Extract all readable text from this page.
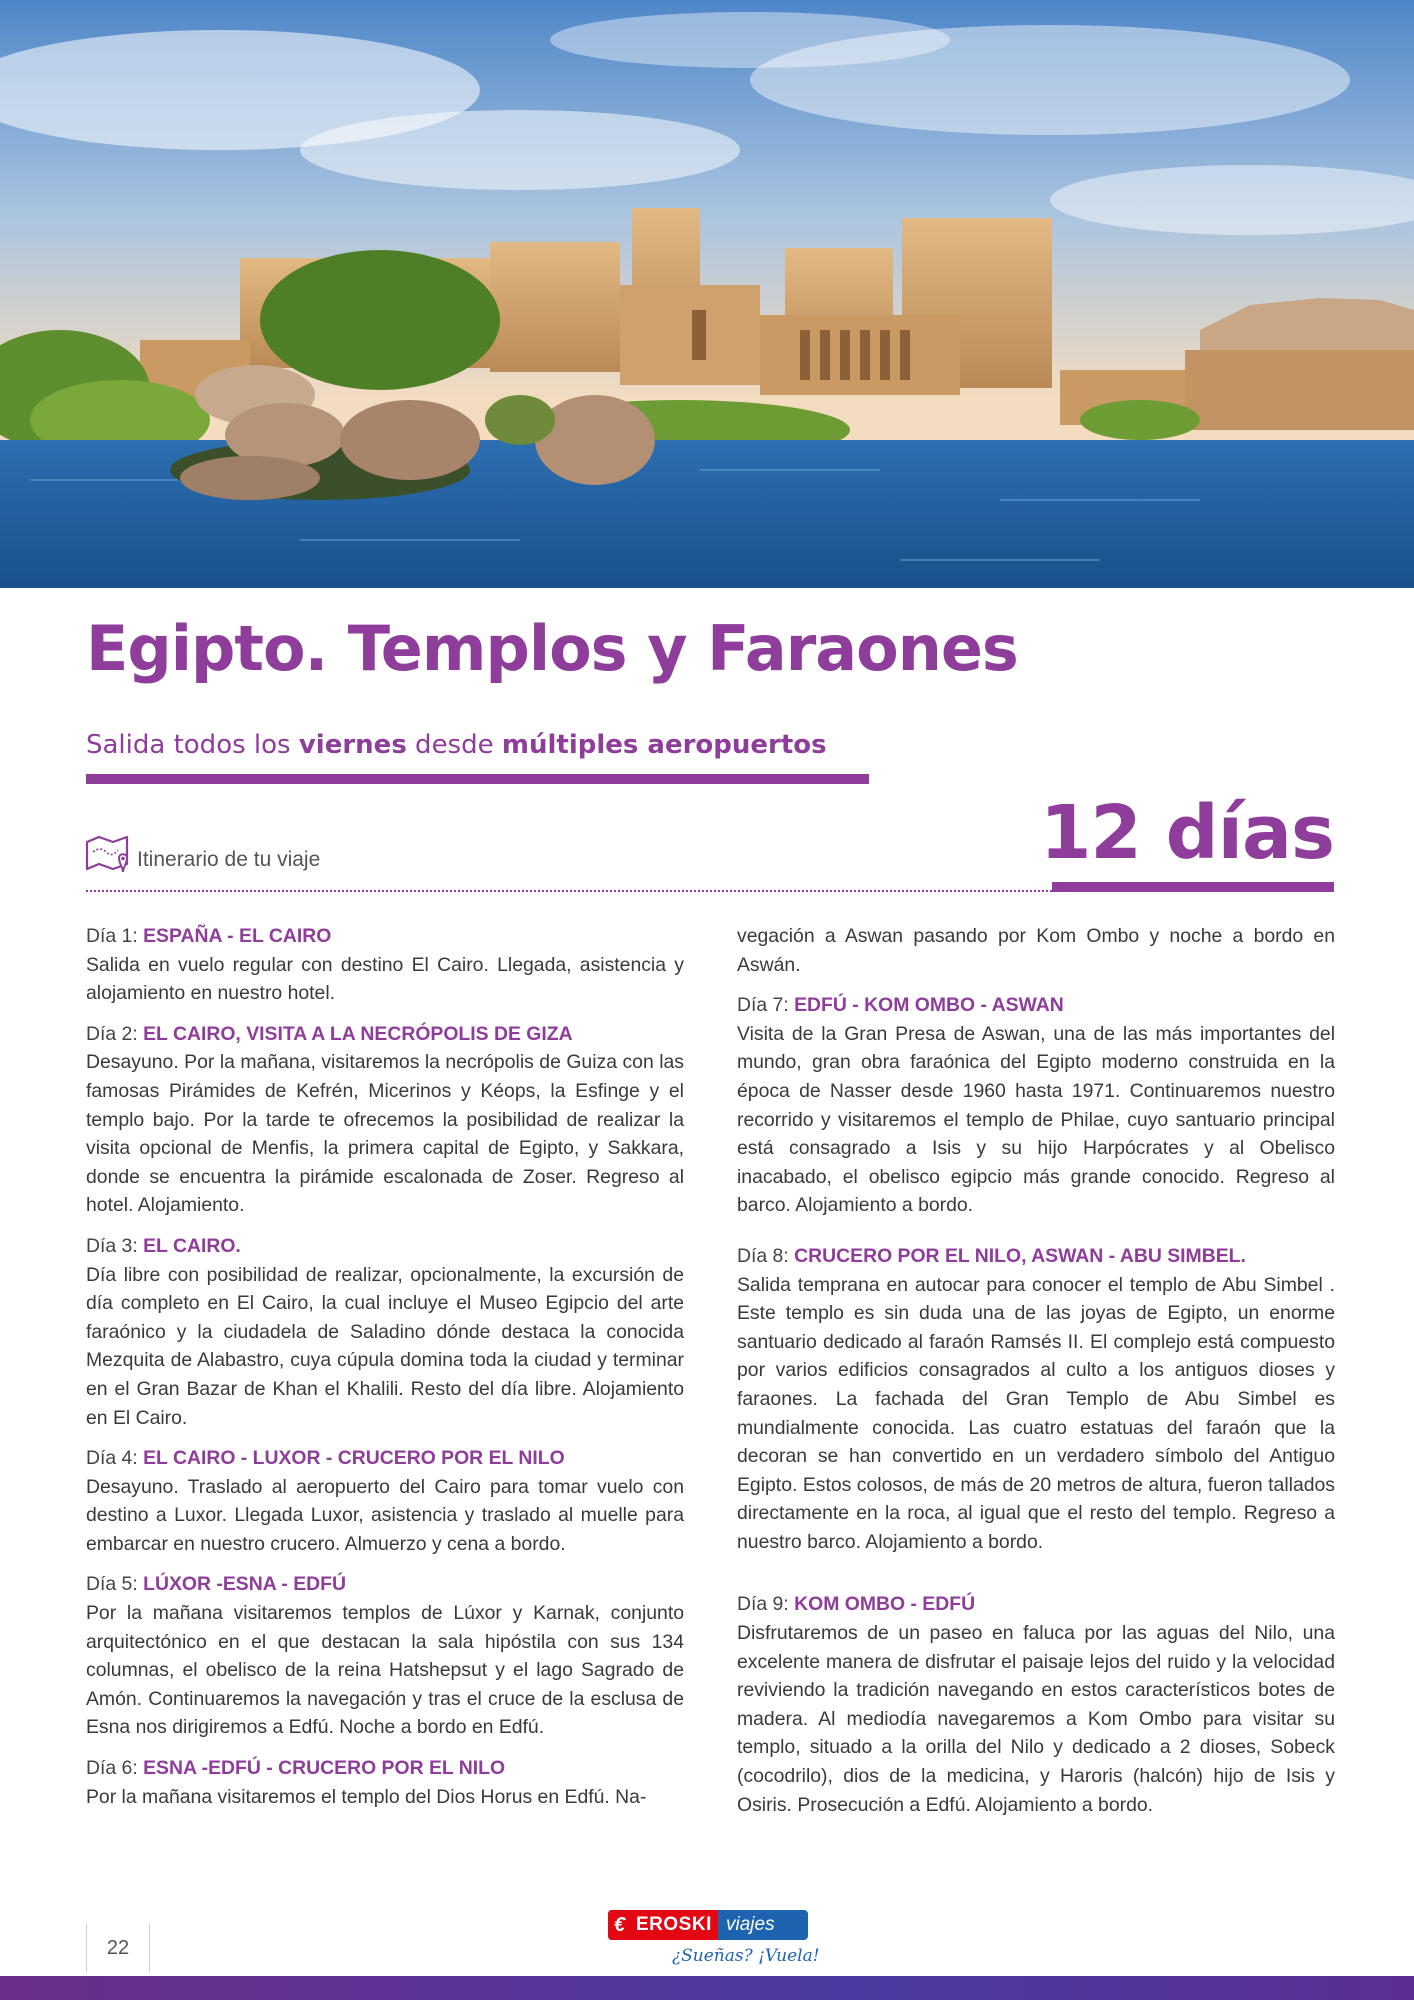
Egipto. Templos y Faraones
Salida todos los viernes desde múltiples aeropuertos
12 días
Itinerario de tu viaje
Día 1: ESPAÑA - EL CAIRO

Salida en vuelo regular con destino El Cairo. Llegada, asistencia y alojamiento en nuestro hotel.

Día 2: EL CAIRO, VISITA A LA NECRÓPOLIS DE GIZA

Desayuno. Por la mañana, visitaremos la necrópolis de Guiza con las famosas Pirámides de Kefrén, Micerinos y Kéops, la Esfinge y el templo bajo. Por la tarde te ofrecemos la posibilidad de realizar la visita opcional de Menfis, la primera capital de Egipto, y Sakkara, donde se encuentra la pirámide escalonada de Zoser. Regreso al hotel. Alojamiento.

Día 3: EL CAIRO.

Día libre con posibilidad de realizar, opcionalmente, la excursión de día completo en El Cairo, la cual incluye el Museo Egipcio del arte faraónico y la ciudadela de Saladino dónde destaca la conocida Mezquita de Alabastro, cuya cúpula domina toda la ciudad y terminar en el Gran Bazar de Khan el Khalili. Resto del día libre. Alojamiento en El Cairo.

Día 4: EL CAIRO - LUXOR - CRUCERO POR EL NILO

Desayuno. Traslado al aeropuerto del Cairo para tomar vuelo con destino a Luxor. Llegada Luxor, asistencia y traslado al muelle para embarcar en nuestro crucero. Almuerzo y cena a bordo.

Día 5: LÚXOR -ESNA - EDFÚ

Por la mañana visitaremos templos de Lúxor y Karnak, conjunto arquitectónico en el que destacan la sala hipóstila con sus 134 columnas, el obelisco de la reina Hatshepsut y el lago Sagrado de Amón. Continuaremos la navegación y tras el cruce de la esclusa de Esna nos dirigiremos a Edfú. Noche a bordo en Edfú.

Día 6: ESNA -EDFÚ - CRUCERO POR EL NILO

Por la mañana visitaremos el templo del Dios Horus en Edfú. Na-

vegación a Aswan pasando por Kom Ombo y noche a bordo en Aswán.

Día 7: EDFÚ - KOM OMBO - ASWAN

Visita de la Gran Presa de Aswan, una de las más importantes del mundo, gran obra faraónica del Egipto moderno construida en la época de Nasser desde 1960 hasta 1971. Continuaremos nuestro recorrido y visitaremos el templo de Philae, cuyo santuario principal está consagrado a Isis y su hijo Harpócrates y al Obelisco inacabado, el obelisco egipcio más grande conocido. Regreso al barco. Alojamiento a bordo.

Día 8: CRUCERO POR EL NILO, ASWAN - ABU SIMBEL.

Salida temprana en autocar para conocer el templo de Abu Simbel . Este templo es sin duda una de las joyas de Egipto, un enorme santuario dedicado al faraón Ramsés II. El complejo está compuesto por varios edificios consagrados al culto a los antiguos dioses y faraones. La fachada del Gran Templo de Abu Simbel es mundialmente conocida. Las cuatro estatuas del faraón que la decoran se han convertido en un verdadero símbolo del Antiguo Egipto. Estos colosos, de más de 20 metros de altura, fueron tallados directamente en la roca, al igual que el resto del templo. Regreso a nuestro barco. Alojamiento a bordo.

Día 9: KOM OMBO - EDFÚ

Disfrutaremos de un paseo en faluca por las aguas del Nilo, una excelente manera de disfrutar el paisaje lejos del ruido y la velocidad reviviendo la tradición navegando en estos característicos botes de madera. Al mediodía navegaremos a Kom Ombo para visitar su templo, situado a la orilla del Nilo y dedicado a 2 dioses, Sobeck (cocodrilo), dios de la medicina, y Haroris (halcón) hijo de Isis y Osiris. Prosecución a Edfú. Alojamiento a bordo.

22
€ EROSKI viajes
¿Sueñas? ¡Vuela!
